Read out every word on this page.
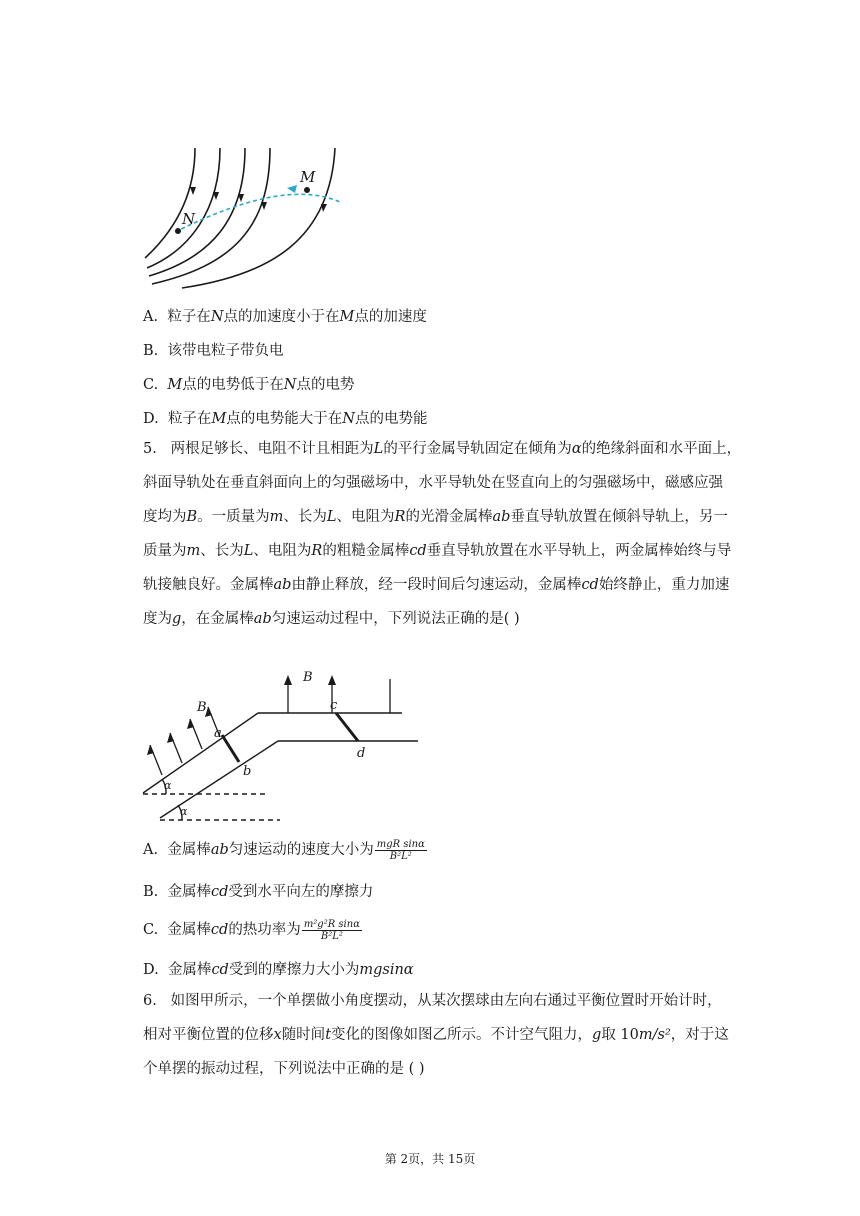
N
M
A. 粒子在N点的加速度小于在M点的加速度
B. 该带电粒子带负电
C. M点的电势低于在N点的电势
D. 粒子在M点的电势能大于在N点的电势能

5.   两根足够长、电阻不计且相距为L的平行金属导轨固定在倾角为α的绝缘斜面和水平面上，

斜面导轨处在垂直斜面向上的匀强磁场中，水平导轨处在竖直向上的匀强磁场中，磁感应强

度均为B。一质量为m、长为L、电阻为R的光滑金属棒ab垂直导轨放置在倾斜导轨上，另一

质量为m、长为L、电阻为R的粗糙金属棒cd垂直导轨放置在水平导轨上，两金属棒始终与导

轨接触良好。金属棒ab由静止释放，经一段时间后匀速运动，金属棒cd始终静止，重力加速

度为g，在金属棒ab匀速运动过程中，下列说法正确的是( )

B
B
a
b
c
d
α
α
A. 金属棒ab匀速运动的速度大小为 $\frac{\text{mgR sinα}}{\text{B²L²}}$
B. 金属棒cd受到水平向左的摩擦力
C. 金属棒cd的热功率为 $\frac{\text{m²g²R sinα}}{\text{B²L²}}$
D. 金属棒cd受到的摩擦力大小为mgsinα

6.   如图甲所示，一个单摆做小角度摆动，从某次摆球由左向右通过平衡位置时开始计时，

相对平衡位置的位移x随时间t变化的图像如图乙所示。不计空气阻力，g取 10m/s²，对于这

个单摆的振动过程，下列说法中正确的是 ( )

第 2页，共 15页
